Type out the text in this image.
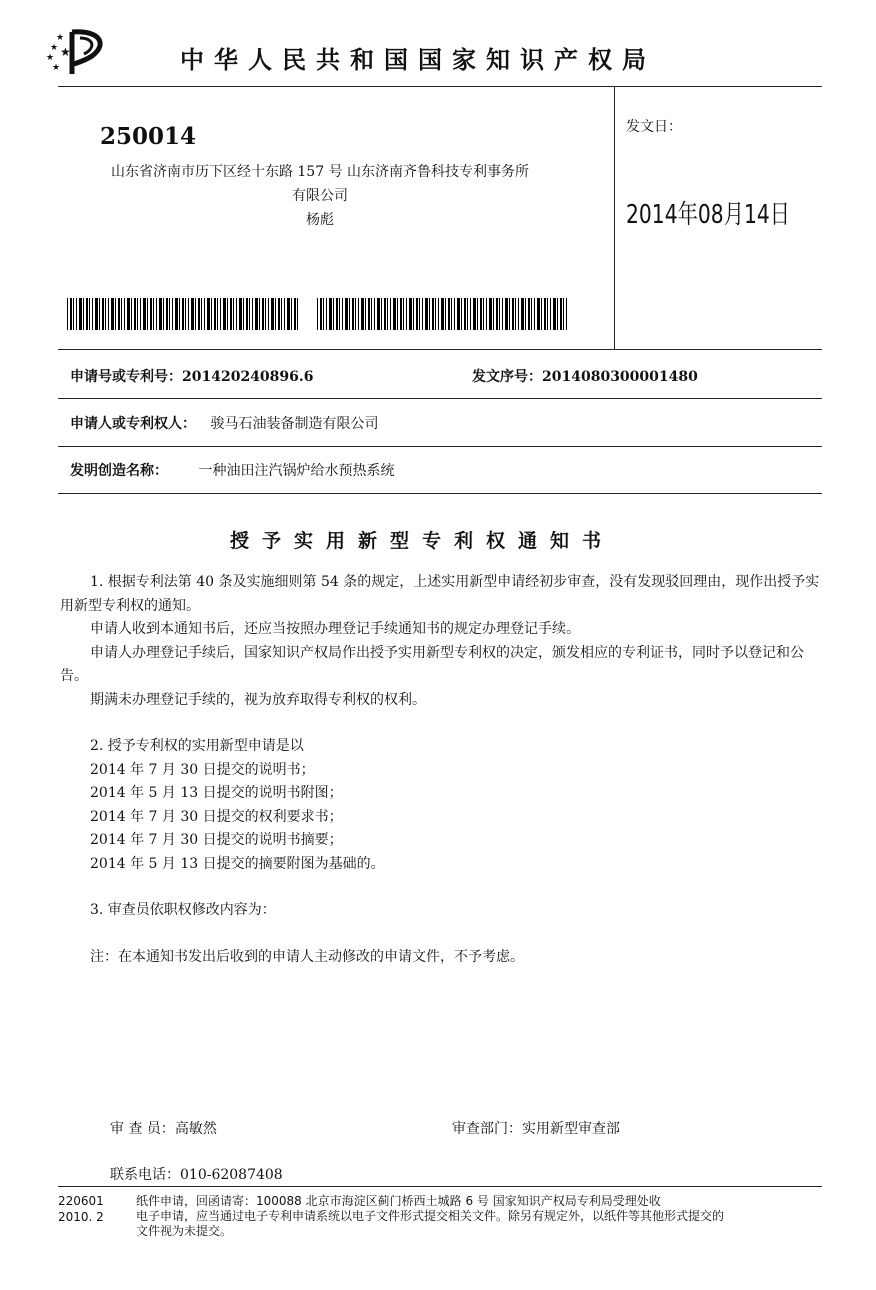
★
★
★
★
★	中华人民共和国国家知识产权局
250014
山东省济南市历下区经十东路 157 号 山东济南齐鲁科技专利事务所
有限公司
杨彪
发文日：
2014年08月14日
申请号或专利号：201420240896.6	发文序号：2014080300001480
申请人或专利权人： 骏马石油装备制造有限公司
发明创造名称： 一种油田注汽锅炉给水预热系统
授予实用新型专利权通知书

1. 根据专利法第 40 条及实施细则第 54 条的规定，上述实用新型申请经初步审查，没有发现驳回理由，现作出授予实用新型专利权的通知。

申请人收到本通知书后，还应当按照办理登记手续通知书的规定办理登记手续。

申请人办理登记手续后，国家知识产权局作出授予实用新型专利权的决定，颁发相应的专利证书，同时予以登记和公告。

期满未办理登记手续的，视为放弃取得专利权的权利。

2. 授予专利权的实用新型申请是以

2014 年 7 月 30 日提交的说明书；

2014 年 5 月 13 日提交的说明书附图；

2014 年 7 月 30 日提交的权利要求书；

2014 年 7 月 30 日提交的说明书摘要；

2014 年 5 月 13 日提交的摘要附图为基础的。

3. 审查员依职权修改内容为：

注：在本通知书发出后收到的申请人主动修改的申请文件，不予考虑。

审 查 员：高敏然	审查部门：实用新型审查部
联系电话：010-62087408
220601
2010. 2
纸件申请，回函请寄：100088 北京市海淀区蓟门桥西土城路 6 号 国家知识产权局专利局受理处收
电子申请，应当通过电子专利申请系统以电子文件形式提交相关文件。除另有规定外，以纸件等其他形式提交的
文件视为未提交。
